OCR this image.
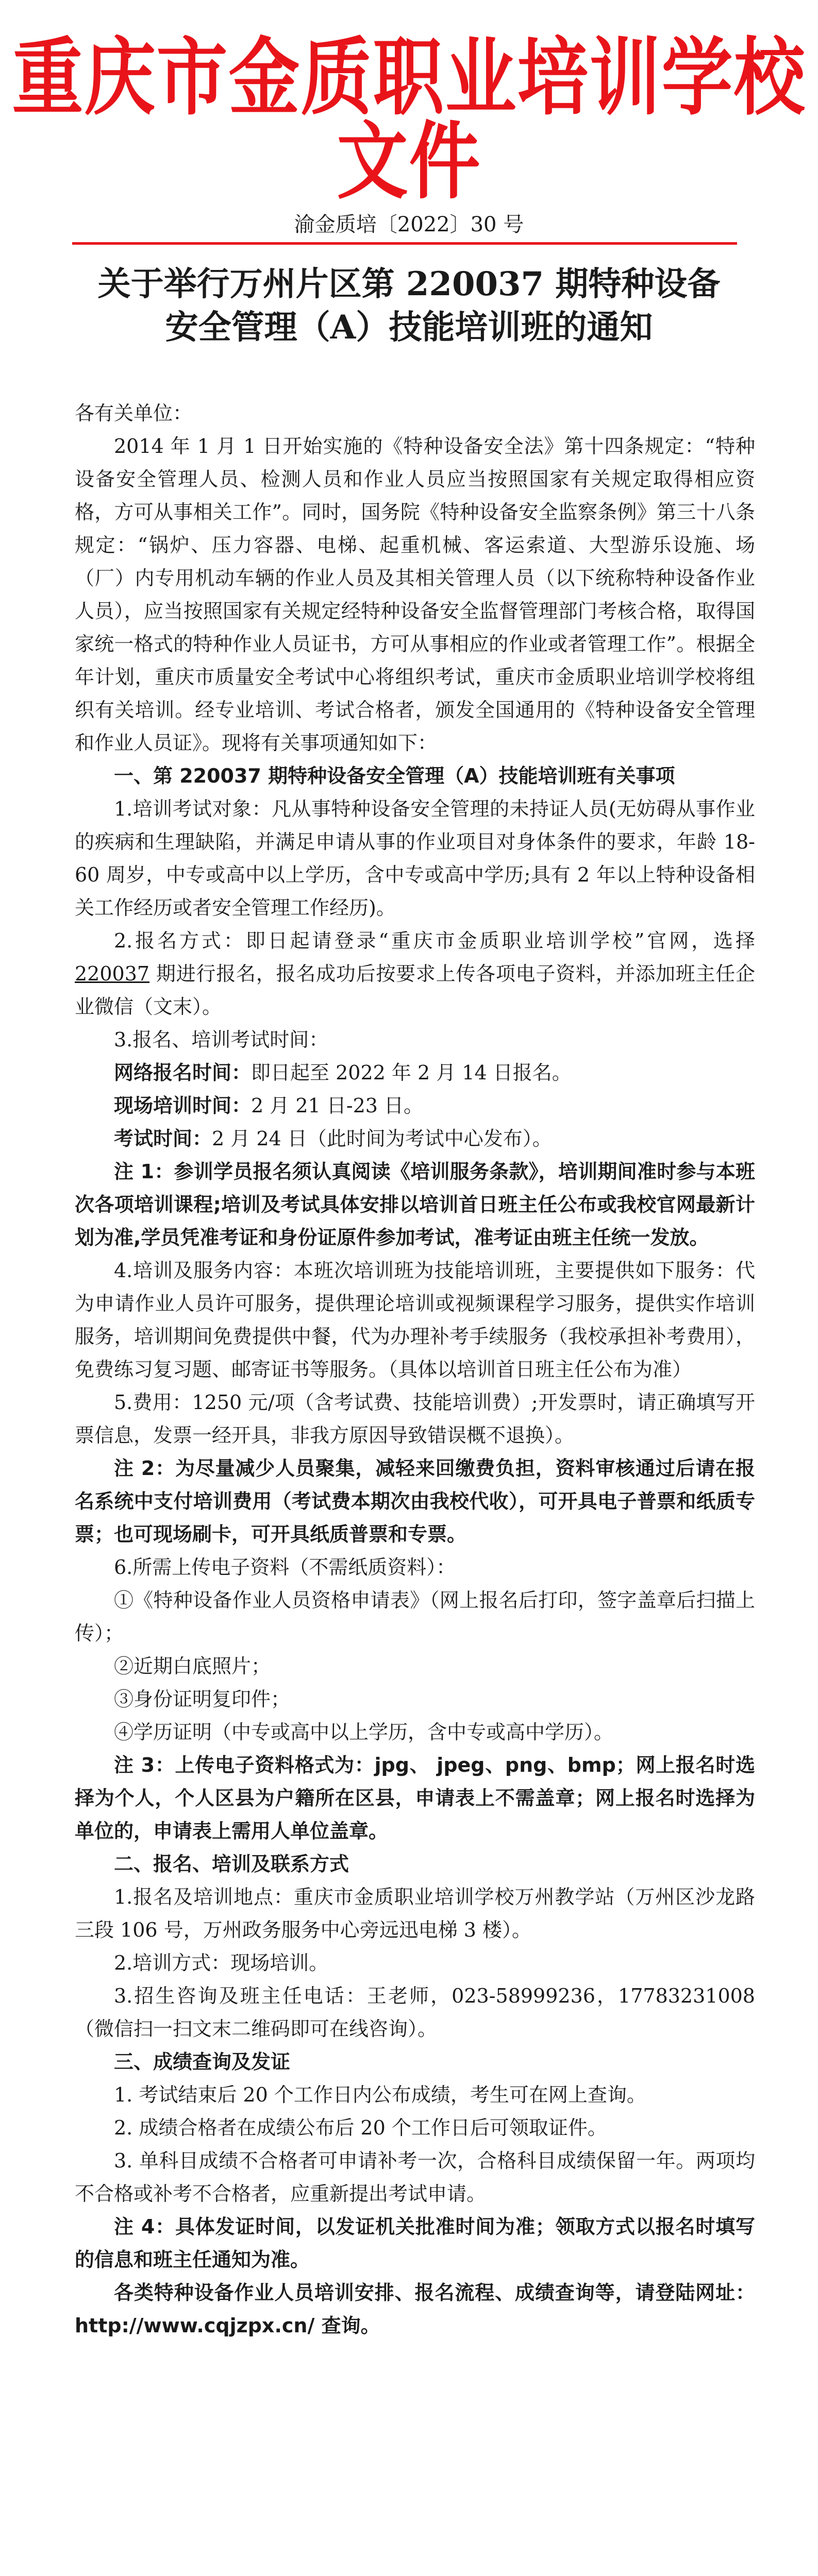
重庆市金质职业培训学校文件
渝金质培〔2022〕30 号
关于举行万州片区第 220037 期特种设备
安全管理（A）技能培训班的通知

各有关单位：

2014 年 1 月 1 日开始实施的《特种设备安全法》第十四条规定：“特种设备安全管理人员、检测人员和作业人员应当按照国家有关规定取得相应资格，方可从事相关工作”。同时，国务院《特种设备安全监察条例》第三十八条规定：“锅炉、压力容器、电梯、起重机械、客运索道、大型游乐设施、场（厂）内专用机动车辆的作业人员及其相关管理人员（以下统称特种设备作业人员），应当按照国家有关规定经特种设备安全监督管理部门考核合格，取得国家统一格式的特种作业人员证书，方可从事相应的作业或者管理工作”。根据全年计划，重庆市质量安全考试中心将组织考试，重庆市金质职业培训学校将组织有关培训。经专业培训、考试合格者，颁发全国通用的《特种设备安全管理和作业人员证》。现将有关事项通知如下：

一、第 220037 期特种设备安全管理（A）技能培训班有关事项

1.培训考试对象：凡从事特种设备安全管理的未持证人员(无妨碍从事作业的疾病和生理缺陷，并满足申请从事的作业项目对身体条件的要求，年龄 18-60 周岁，中专或高中以上学历，含中专或高中学历;具有 2 年以上特种设备相关工作经历或者安全管理工作经历)。

2.报名方式：即日起请登录“重庆市金质职业培训学校”官网，选择 220037 期进行报名，报名成功后按要求上传各项电子资料，并添加班主任企业微信（文末）。

3.报名、培训考试时间：

网络报名时间：即日起至 2022 年 2 月 14 日报名。

现场培训时间：2 月 21 日-23 日。

考试时间：2 月 24 日（此时间为考试中心发布）。

注 1：参训学员报名须认真阅读《培训服务条款》，培训期间准时参与本班次各项培训课程;培训及考试具体安排以培训首日班主任公布或我校官网最新计划为准,学员凭准考证和身份证原件参加考试，准考证由班主任统一发放。

4.培训及服务内容：本班次培训班为技能培训班，主要提供如下服务：代为申请作业人员许可服务，提供理论培训或视频课程学习服务，提供实作培训服务，培训期间免费提供中餐，代为办理补考手续服务（我校承担补考费用），免费练习复习题、邮寄证书等服务。（具体以培训首日班主任公布为准）

5.费用：1250 元/项（含考试费、技能培训费）;开发票时，请正确填写开票信息，发票一经开具，非我方原因导致错误概不退换）。

注 2：为尽量减少人员聚集，减轻来回缴费负担，资料审核通过后请在报名系统中支付培训费用（考试费本期次由我校代收），可开具电子普票和纸质专票；也可现场刷卡，可开具纸质普票和专票。

6.所需上传电子资料（不需纸质资料）：

①《特种设备作业人员资格申请表》（网上报名后打印，签字盖章后扫描上传）；

②近期白底照片；

③身份证明复印件；

④学历证明（中专或高中以上学历，含中专或高中学历）。

注 3：上传电子资料格式为：jpg、 jpeg、png、bmp；网上报名时选择为个人，个人区县为户籍所在区县，申请表上不需盖章；网上报名时选择为单位的，申请表上需用人单位盖章。

二、报名、培训及联系方式

1.报名及培训地点：重庆市金质职业培训学校万州教学站（万州区沙龙路三段 106 号，万州政务服务中心旁远迅电梯 3 楼）。

2.培训方式：现场培训。

3.招生咨询及班主任电话：王老师，023-58999236，17783231008（微信扫一扫文末二维码即可在线咨询）。

三、成绩查询及发证

1. 考试结束后 20 个工作日内公布成绩，考生可在网上查询。

2. 成绩合格者在成绩公布后 20 个工作日后可领取证件。

3. 单科目成绩不合格者可申请补考一次，合格科目成绩保留一年。两项均不合格或补考不合格者，应重新提出考试申请。

注 4：具体发证时间，以发证机关批准时间为准；领取方式以报名时填写的信息和班主任通知为准。

各类特种设备作业人员培训安排、报名流程、成绩查询等，请登陆网址：http://www.cqjzpx.cn/ 查询。
